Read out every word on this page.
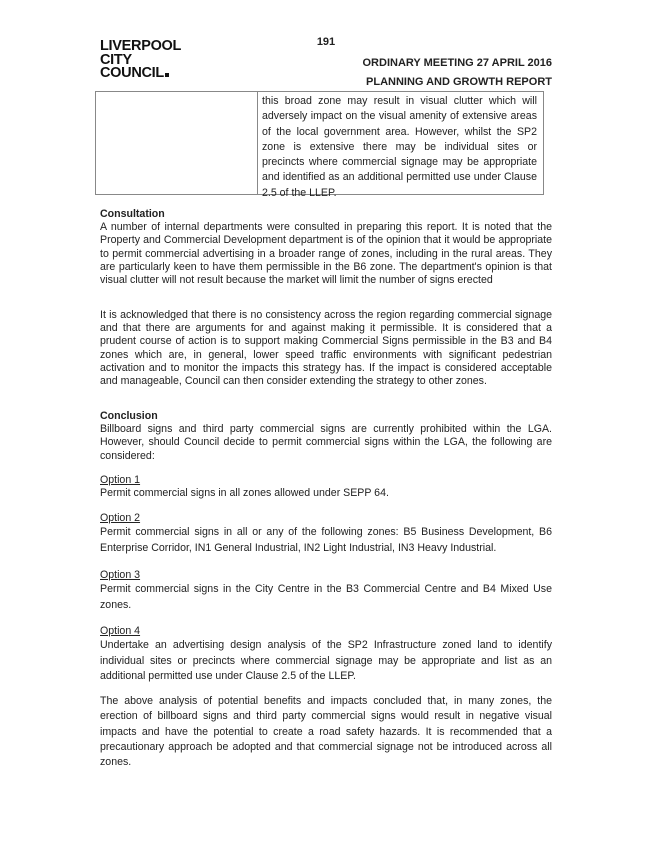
191
LIVERPOOL
CITY
COUNCIL
ORDINARY MEETING 27 APRIL 2016
PLANNING AND GROWTH REPORT
this broad zone may result in visual clutter which will adversely impact on the visual amenity of extensive areas of the local government area. However, whilst the SP2 zone is extensive there may be individual sites or precincts where commercial signage may be appropriate and identified as an additional permitted use under Clause 2.5 of the LLEP.

Consultation

A number of internal departments were consulted in preparing this report. It is noted that the Property and Commercial Development department is of the opinion that it would be appropriate to permit commercial advertising in a broader range of zones, including in the rural areas. They are particularly keen to have them permissible in the B6 zone. The department's opinion is that visual clutter will not result because the market will limit the number of signs erected

It is acknowledged that there is no consistency across the region regarding commercial signage and that there are arguments for and against making it permissible. It is considered that a prudent course of action is to support making Commercial Signs permissible in the B3 and B4 zones which are, in general, lower speed traffic environments with significant pedestrian activation and to monitor the impacts this strategy has. If the impact is considered acceptable and manageable, Council can then consider extending the strategy to other zones.

Conclusion

Billboard signs and third party commercial signs are currently prohibited within the LGA. However, should Council decide to permit commercial signs within the LGA, the following are considered:

Option 1

Permit commercial signs in all zones allowed under SEPP 64.

Option 2

Permit commercial signs in all or any of the following zones: B5 Business Development, B6 Enterprise Corridor, IN1 General Industrial, IN2 Light Industrial, IN3 Heavy Industrial.

Option 3

Permit commercial signs in the City Centre in the B3 Commercial Centre and B4 Mixed Use zones.

Option 4

Undertake an advertising design analysis of the SP2 Infrastructure zoned land to identify individual sites or precincts where commercial signage may be appropriate and list as an additional permitted use under Clause 2.5 of the LLEP.

The above analysis of potential benefits and impacts concluded that, in many zones, the erection of billboard signs and third party commercial signs would result in negative visual impacts and have the potential to create a road safety hazards. It is recommended that a precautionary approach be adopted and that commercial signage not be introduced across all zones.
